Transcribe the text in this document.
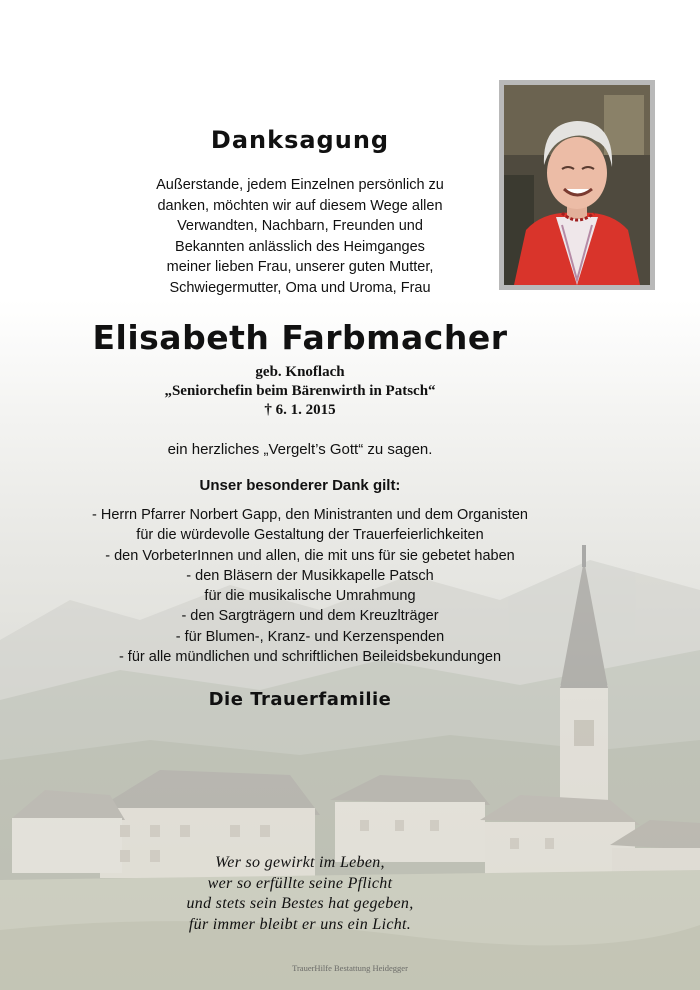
Danksagung
Außerstande, jedem Einzelnen persönlich zu
danken, möchten wir auf diesem Wege allen
Verwandten, Nachbarn, Freunden und
Bekannten anlässlich des Heimganges
meiner lieben Frau, unserer guten Mutter,
Schwiegermutter, Oma und Uroma, Frau
Elisabeth Farbmacher
geb. Knoflach
„Seniorchefin beim Bärenwirth in Patsch“
† 6. 1. 2015
ein herzliches „Vergelt’s Gott“ zu sagen.
Unser besonderer Dank gilt:
- Herrn Pfarrer Norbert Gapp, den Ministranten und dem Organisten
für die würdevolle Gestaltung der Trauerfeierlichkeiten
- den VorbeterInnen und allen, die mit uns für sie gebetet haben
- den Bläsern der Musikkapelle Patsch
für die musikalische Umrahmung
- den Sargträgern und dem Kreuzlträger
- für Blumen-, Kranz- und Kerzenspenden
- für alle mündlichen und schriftlichen Beileidsbekundungen
Die Trauerfamilie
Wer so gewirkt im Leben,
wer so erfüllte seine Pflicht
und stets sein Bestes hat gegeben,
für immer bleibt er uns ein Licht.
TrauerHilfe Bestattung Heidegger
